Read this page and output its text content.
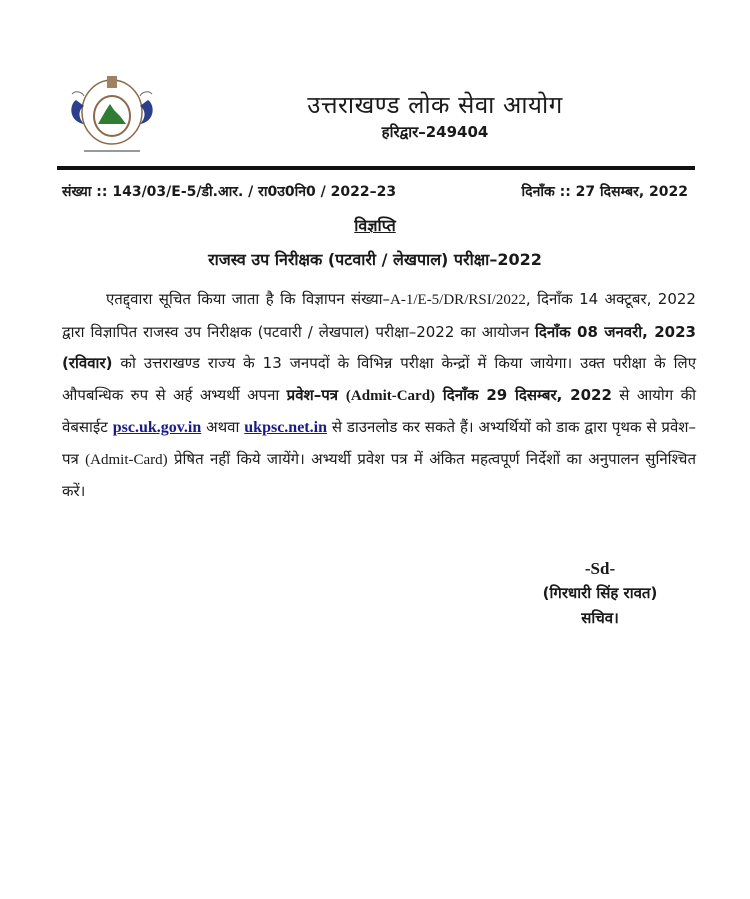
उत्तराखण्ड लोक सेवा आयोग
हरिद्वार–249404
संख्या :: 143/03/E-5/डी.आर. / रा0उ0नि0 / 2022–23	दिनाँक :: 27 दिसम्बर, 2022
विज्ञप्ति
राजस्व उप निरीक्षक (पटवारी / लेखपाल) परीक्षा–2022
एतद्द्वारा सूचित किया जाता है कि विज्ञापन संख्या–A-1/E-5/DR/RSI/2022, दिनाँक 14 अक्टूबर, 2022 द्वारा विज्ञापित राजस्व उप निरीक्षक (पटवारी / लेखपाल) परीक्षा–2022 का आयोजन दिनाँक 08 जनवरी, 2023 (रविवार) को उत्तराखण्ड राज्य के 13 जनपदों के विभिन्न परीक्षा केन्द्रों में किया जायेगा। उक्त परीक्षा के लिए औपबन्धिक रुप से अर्ह अभ्यर्थी अपना प्रवेश–पत्र (Admit-Card) दिनाँक 29 दिसम्बर, 2022 से आयोग की वेबसाईट psc.uk.gov.in अथवा ukpsc.net.in से डाउनलोड कर सकते हैं। अभ्यर्थियों को डाक द्वारा पृथक से प्रवेश–पत्र (Admit-Card) प्रेषित नहीं किये जायेंगे। अभ्यर्थी प्रवेश पत्र में अंकित महत्वपूर्ण निर्देशों का अनुपालन सुनिश्चित करें।
-Sd-
(गिरधारी सिंह रावत)
सचिव।
